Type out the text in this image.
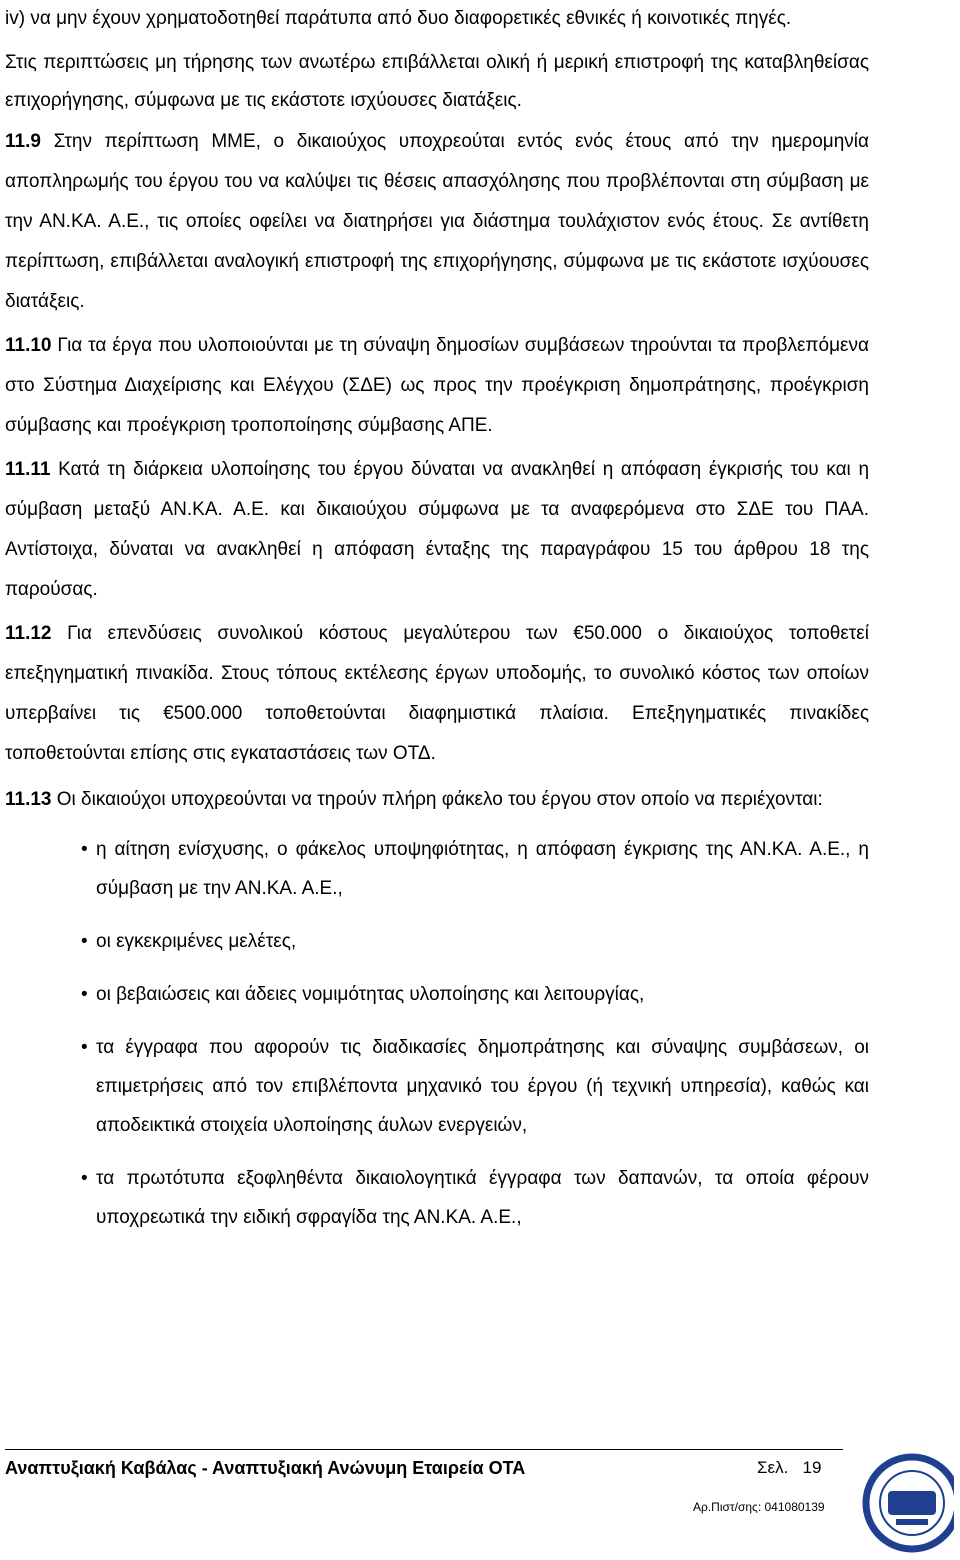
iv) να μην έχουν χρηματοδοτηθεί παράτυπα από δυο διαφορετικές εθνικές ή κοινοτικές πηγές.

Στις περιπτώσεις μη τήρησης των ανωτέρω επιβάλλεται ολική ή μερική επιστροφή της καταβληθείσας επιχορήγησης, σύμφωνα με τις εκάστοτε ισχύουσες διατάξεις.

11.9 Στην περίπτωση ΜΜΕ, ο δικαιούχος υποχρεούται εντός ενός έτους από την ημερομηνία αποπληρωμής του έργου του να καλύψει τις θέσεις απασχόλησης που προβλέπονται στη σύμβαση με την ΑΝ.ΚΑ. Α.Ε., τις οποίες οφείλει να διατηρήσει για διάστημα τουλάχιστον ενός έτους. Σε αντίθετη περίπτωση, επιβάλλεται αναλογική επιστροφή της επιχορήγησης, σύμφωνα με τις εκάστοτε ισχύουσες διατάξεις.

11.10 Για τα έργα που υλοποιούνται με τη σύναψη δημοσίων συμβάσεων τηρούνται τα προβλεπόμενα στο Σύστημα Διαχείρισης και Ελέγχου (ΣΔΕ) ως προς την προέγκριση δημοπράτησης, προέγκριση σύμβασης και προέγκριση τροποποίησης σύμβασης ΑΠΕ.

11.11 Κατά τη διάρκεια υλοποίησης του έργου δύναται να ανακληθεί η απόφαση έγκρισής του και η σύμβαση μεταξύ ΑΝ.ΚΑ. Α.Ε. και δικαιούχου σύμφωνα με τα αναφερόμενα στο ΣΔΕ του ΠΑΑ. Αντίστοιχα, δύναται να ανακληθεί η απόφαση ένταξης της παραγράφου 15 του άρθρου 18 της παρούσας.

11.12 Για επενδύσεις συνολικού κόστους μεγαλύτερου των €50.000 ο δικαιούχος τοποθετεί επεξηγηματική πινακίδα. Στους τόπους εκτέλεσης έργων υποδομής, το συνολικό κόστος των οποίων υπερβαίνει τις €500.000 τοποθετούνται διαφημιστικά πλαίσια. Επεξηγηματικές πινακίδες τοποθετούνται επίσης στις εγκαταστάσεις των ΟΤΔ.

11.13 Οι δικαιούχοι υποχρεούνται να τηρούν πλήρη φάκελο του έργου στον οποίο να περιέχονται:

• η αίτηση ενίσχυσης, ο φάκελος υποψηφιότητας, η απόφαση έγκρισης της ΑΝ.ΚΑ. Α.Ε., η σύμβαση με την ΑΝ.ΚΑ. Α.Ε.,
• οι εγκεκριμένες μελέτες,
• οι βεβαιώσεις και άδειες νομιμότητας υλοποίησης και λειτουργίας,
• τα έγγραφα που αφορούν τις διαδικασίες δημοπράτησης και σύναψης συμβάσεων, οι επιμετρήσεις από τον επιβλέποντα μηχανικό του έργου (ή τεχνική υπηρεσία), καθώς και αποδεικτικά στοιχεία υλοποίησης άυλων ενεργειών,
• τα πρωτότυπα εξοφληθέντα δικαιολογητικά έγγραφα των δαπανών, τα οποία φέρουν υποχρεωτικά την ειδική σφραγίδα της ΑΝ.ΚΑ. Α.Ε.,
Αναπτυξιακή Καβάλας - Αναπτυξιακή Ανώνυμη Εταιρεία ΟΤΑ	Σελ. 19
Αρ.Πιστ/σης: 041080139
